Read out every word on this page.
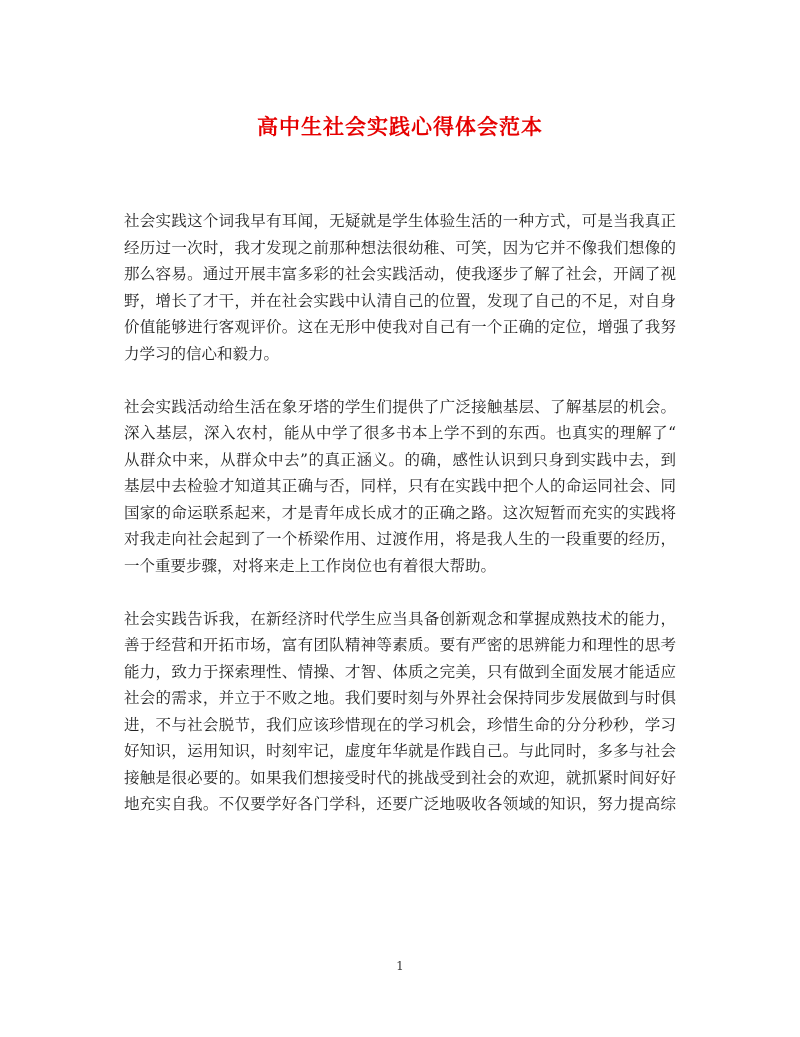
高中生社会实践心得体会范本
社会实践这个词我早有耳闻，无疑就是学生体验生活的一种方式，可是当我真正
经历过一次时，我才发现之前那种想法很幼稚、可笑，因为它并不像我们想像的
那么容易。通过开展丰富多彩的社会实践活动，使我逐步了解了社会，开阔了视
野，增长了才干，并在社会实践中认清自己的位置，发现了自己的不足，对自身
价值能够进行客观评价。这在无形中使我对自己有一个正确的定位，增强了我努
力学习的信心和毅力。
社会实践活动给生活在象牙塔的学生们提供了广泛接触基层、了解基层的机会。
深入基层，深入农村，能从中学了很多书本上学不到的东西。也真实的理解了“
从群众中来，从群众中去”的真正涵义。的确，感性认识到只身到实践中去，到
基层中去检验才知道其正确与否，同样，只有在实践中把个人的命运同社会、同
国家的命运联系起来，才是青年成长成才的正确之路。这次短暂而充实的实践将
对我走向社会起到了一个桥梁作用、过渡作用，将是我人生的一段重要的经历，
一个重要步骤，对将来走上工作岗位也有着很大帮助。
社会实践告诉我，在新经济时代学生应当具备创新观念和掌握成熟技术的能力，
善于经营和开拓市场，富有团队精神等素质。要有严密的思辨能力和理性的思考
能力，致力于探索理性、情操、才智、体质之完美，只有做到全面发展才能适应
社会的需求，并立于不败之地。我们要时刻与外界社会保持同步发展做到与时俱
进，不与社会脱节，我们应该珍惜现在的学习机会，珍惜生命的分分秒秒，学习
好知识，运用知识，时刻牢记，虚度年华就是作践自己。与此同时，多多与社会
接触是很必要的。如果我们想接受时代的挑战受到社会的欢迎，就抓紧时间好好
地充实自我。不仅要学好各门学科，还要广泛地吸收各领域的知识，努力提高综
1
